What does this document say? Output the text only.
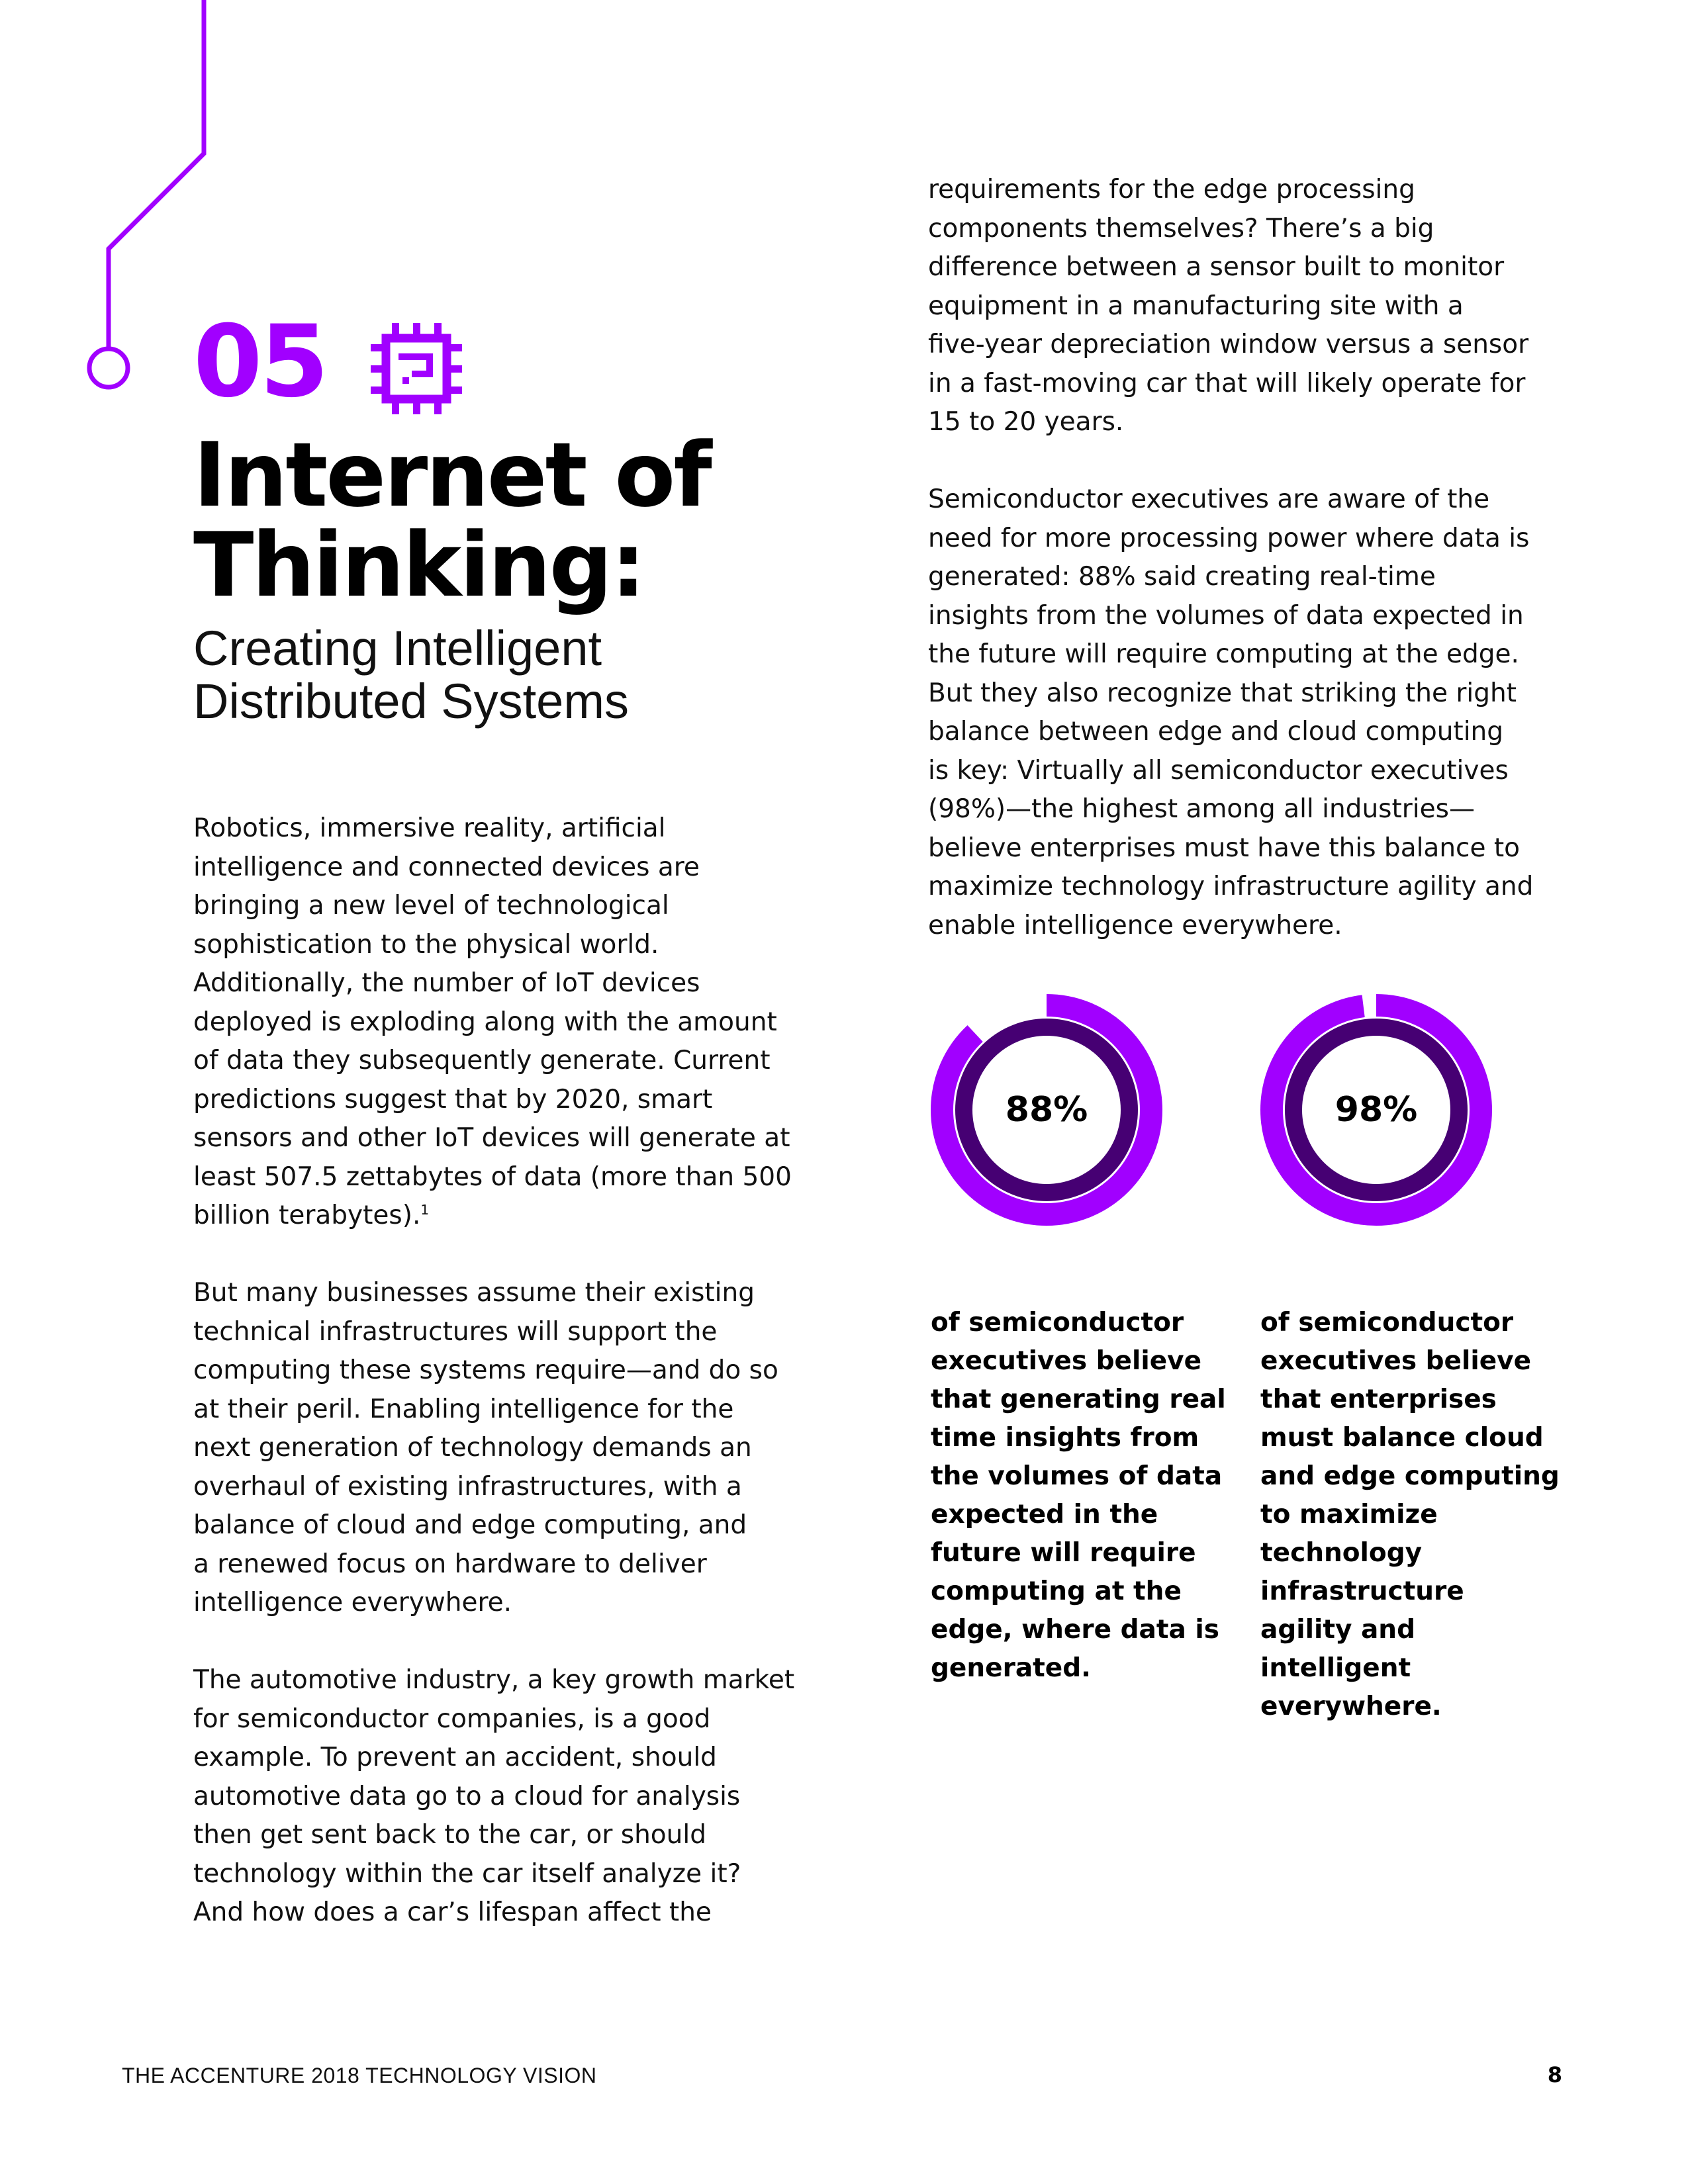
05
Internet of
Thinking:
Creating Intelligent
Distributed Systems

Robotics, immersive reality, artificial
intelligence and connected devices are
bringing a new level of technological
sophistication to the physical world.
Additionally, the number of IoT devices
deployed is exploding along with the amount
of data they subsequently generate. Current
predictions suggest that by 2020, smart
sensors and other IoT devices will generate at
least 507.5 zettabytes of data (more than 500
billion terabytes).$^1$

But many businesses assume their existing
technical infrastructures will support the
computing these systems require—and do so
at their peril. Enabling intelligence for the
next generation of technology demands an
overhaul of existing infrastructures, with a
balance of cloud and edge computing, and
a renewed focus on hardware to deliver
intelligence everywhere.

The automotive industry, a key growth market
for semiconductor companies, is a good
example. To prevent an accident, should
automotive data go to a cloud for analysis
then get sent back to the car, or should
technology within the car itself analyze it?
And how does a car’s lifespan affect the

requirements for the edge processing
components themselves? There’s a big
difference between a sensor built to monitor
equipment in a manufacturing site with a
five-year depreciation window versus a sensor
in a fast-moving car that will likely operate for
15 to 20 years.

Semiconductor executives are aware of the
need for more processing power where data is
generated: 88% said creating real-time
insights from the volumes of data expected in
the future will require computing at the edge.
But they also recognize that striking the right
balance between edge and cloud computing
is key: Virtually all semiconductor executives
(98%)—the highest among all industries—
believe enterprises must have this balance to
maximize technology infrastructure agility and
enable intelligence everywhere.

88%	98%
of semiconductor
executives believe
that generating real
time insights from
the volumes of data
expected in the
future will require
computing at the
edge, where data is
generated.
of semiconductor
executives believe
that enterprises
must balance cloud
and edge computing
to maximize
technology
infrastructure
agility and
intelligent
everywhere.
THE ACCENTURE 2018 TECHNOLOGY VISION	8
